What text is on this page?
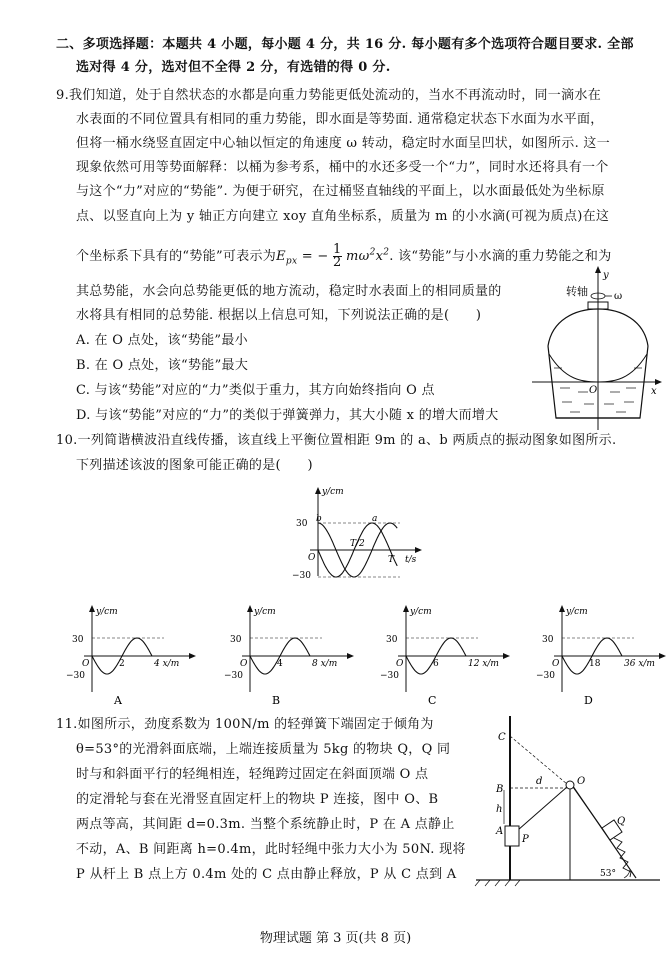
二、多项选择题：本题共 4 小题，每小题 4 分，共 16 分. 每小题有多个选项符合题目要求. 全部
选对得 4 分，选对但不全得 2 分，有选错的得 0 分.
9.我们知道，处于自然状态的水都是向重力势能更低处流动的，当水不再流动时，同一滴水在
水表面的不同位置具有相同的重力势能，即水面是等势面. 通常稳定状态下水面为水平面，
但将一桶水绕竖直固定中心轴以恒定的角速度 ω 转动，稳定时水面呈凹状，如图所示. 这一
现象依然可用等势面解释：以桶为参考系，桶中的水还多受一个“力”，同时水还将具有一个
与这个“力”对应的“势能”. 为便于研究，在过桶竖直轴线的平面上，以水面最低处为坐标原
点、以竖直向上为 y 轴正方向建立 xoy 直角坐标系，质量为 m 的小水滴(可视为质点)在这
个坐标系下具有的“势能”可表示为$E_{px}$ = − $\frac{1}{2} m\omega^2x^2$. 该“势能”与小水滴的重力势能之和为
其总势能，水会向总势能更低的地方流动，稳定时水表面上的相同质量的
水将具有相同的总势能. 根据以上信息可知，下列说法正确的是(　　)
A. 在 O 点处，该“势能”最小
B. 在 O 点处，该“势能”最大
C. 与该“势能”对应的“力”类似于重力，其方向始终指向 O 点
D. 与该“势能”对应的“力”的类似于弹簧弹力，其大小随 x 的增大而增大
y
转轴	ω
x
O
10.一列简谐横波沿直线传播，该直线上平衡位置相距 9m 的 a、b 两质点的振动图象如图所示.
下列描述该波的图象可能正确的是(　　)
y/cm
t/s
30
−30
O
b	a
T/2
T
y/cm
30
−30
O	2	4 x/m
A
y/cm
30
−30
O	4	8 x/m
B
y/cm
30
−30
O	6	12 x/m
C
y/cm
30
−30
O	18	36 x/m
D
11.如图所示，劲度系数为 100N/m 的轻弹簧下端固定于倾角为
θ=53°的光滑斜面底端，上端连接质量为 5kg 的物块 Q，Q 同
时与和斜面平行的轻绳相连，轻绳跨过固定在斜面顶端 O 点
的定滑轮与套在光滑竖直固定杆上的物块 P 连接，图中 O、B
两点等高，其间距 d=0.3m. 当整个系统静止时，P 在 A 点静止
不动，A、B 间距离 h=0.4m，此时轻绳中张力大小为 50N. 现将
P 从杆上 B 点上方 0.4m 处的 C 点由静止释放，P 从 C 点到 A
O
P
Q
C
B
A
d
h
53°
物理试题 第 3 页(共 8 页)
